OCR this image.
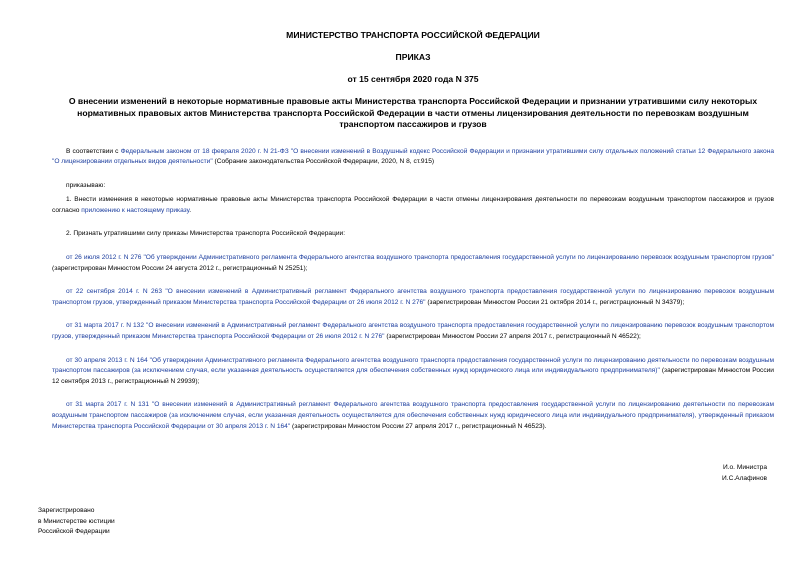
МИНИСТЕРСТВО ТРАНСПОРТА РОССИЙСКОЙ ФЕДЕРАЦИИ
ПРИКАЗ
от 15 сентября 2020 года N 375
О внесении изменений в некоторые нормативные правовые акты Министерства транспорта Российской Федерации и признании утратившими силу некоторых нормативных правовых актов Министерства транспорта Российской Федерации в части отмены лицензирования деятельности по перевозкам воздушным транспортом пассажиров и грузов

В соответствии с Федеральным законом от 18 февраля 2020 г. N 21-ФЗ "О внесении изменений в Воздушный кодекс Российской Федерации и признании утратившими силу отдельных положений статьи 12 Федерального закона "О лицензировании отдельных видов деятельности" (Собрание законодательства Российской Федерации, 2020, N 8, ст.915)

приказываю:

1. Внести изменения в некоторые нормативные правовые акты Министерства транспорта Российской Федерации в части отмены лицензирования деятельности по перевозкам воздушным транспортом пассажиров и грузов согласно приложению к настоящему приказу.

2. Признать утратившими силу приказы Министерства транспорта Российской Федерации:

от 26 июля 2012 г. N 276 "Об утверждении Административного регламента Федерального агентства воздушного транспорта предоставления государственной услуги по лицензированию перевозок воздушным транспортом грузов" (зарегистрирован Минюстом России 24 августа 2012 г., регистрационный N 25251);

от 22 сентября 2014 г. N 263 "О внесении изменений в Административный регламент Федерального агентства воздушного транспорта предоставления государственной услуги по лицензированию перевозок воздушным транспортом грузов, утвержденный приказом Министерства транспорта Российской Федерации от 26 июля 2012 г. N 276" (зарегистрирован Минюстом России 21 октября 2014 г., регистрационный N 34379);

от 31 марта 2017 г. N 132 "О внесении изменений в Административный регламент Федерального агентства воздушного транспорта предоставления государственной услуги по лицензированию перевозок воздушным транспортом грузов, утвержденный приказом Министерства транспорта Российской Федерации от 26 июля 2012 г. N 276" (зарегистрирован Минюстом России 27 апреля 2017 г., регистрационный N 46522);

от 30 апреля 2013 г. N 164 "Об утверждении Административного регламента Федерального агентства воздушного транспорта предоставления государственной услуги по лицензированию деятельности по перевозкам воздушным транспортом пассажиров (за исключением случая, если указанная деятельность осуществляется для обеспечения собственных нужд юридического лица или индивидуального предпринимателя)" (зарегистрирован Минюстом России 12 сентября 2013 г., регистрационный N 29939);

от 31 марта 2017 г. N 131 "О внесении изменений в Административный регламент Федерального агентства воздушного транспорта предоставления государственной услуги по лицензированию деятельности по перевозкам воздушным транспортом пассажиров (за исключением случая, если указанная деятельность осуществляется для обеспечения собственных нужд юридического лица или индивидуального предпринимателя), утвержденный приказом Министерства транспорта Российской Федерации от 30 апреля 2013 г. N 164" (зарегистрирован Минюстом России 27 апреля 2017 г., регистрационный N 46523).

И.о. Министра
И.С.Алафинов
Зарегистрировано
в Министерстве юстиции
Российской Федерации
